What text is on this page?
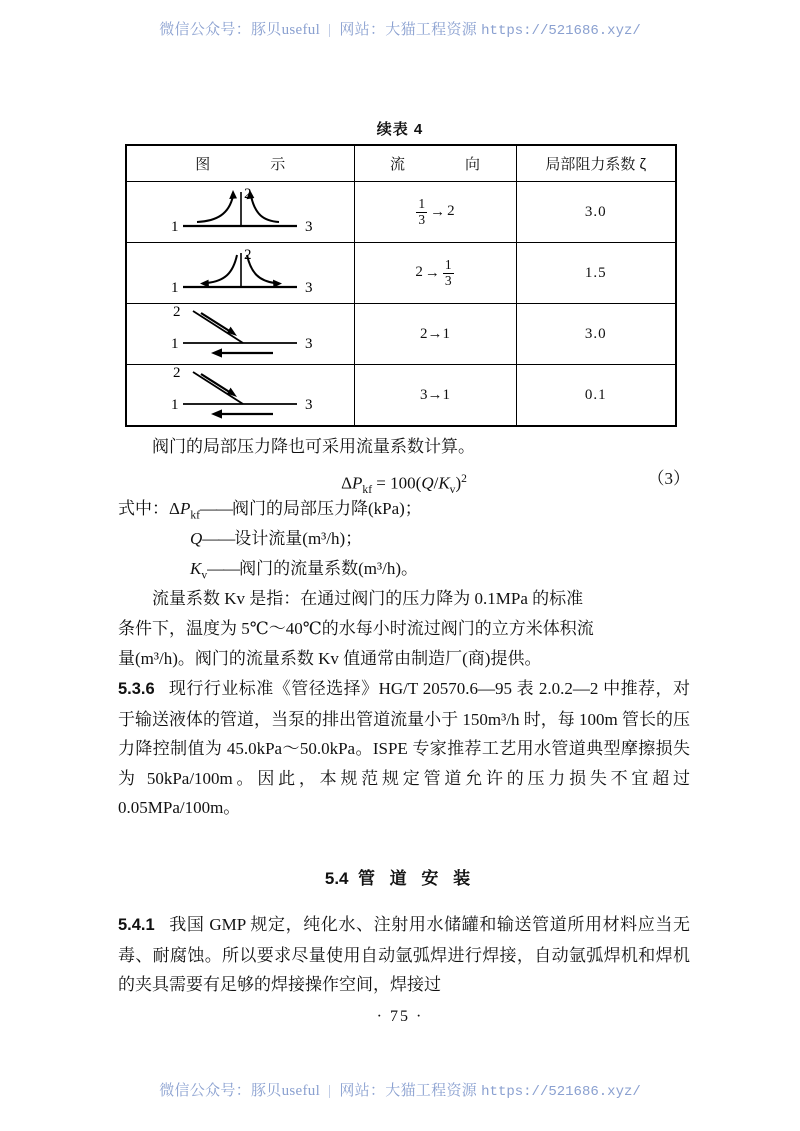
微信公众号：豚贝useful | 网站：大猫工程资源 https://521686.xyz/
续表 4
图　　示	流　　向	局部阻力系数 ζ

1
2
3	$\frac{1}{3} \to 2$	3.0

1
2
3	$2 \to \frac{1}{3}$	1.5

2
1 3	2→1	3.0

2
1 3	3→1	0.1
阀门的局部压力降也可采用流量系数计算。
$\Delta P_{kf} = 100(Q/K_v)^2$	（3）
式中：$\Delta P_{kf}——$阀门的局部压力降(kPa)；
Q——设计流量(m³/h)；
$K_v——$阀门的流量系数(m³/h)。
流量系数 Kv 是指：在通过阀门的压力降为 0.1MPa 的标准
条件下，温度为 5℃～40℃的水每小时流过阀门的立方米体积流
量(m³/h)。阀门的流量系数 Kv 值通常由制造厂(商)提供。
5.3.6 现行行业标准《管径选择》HG/T 20570.6—95 表 2.0.2—2 中推荐，对于输送液体的管道，当泵的排出管道流量小于 150m³/h 时，每 100m 管长的压力降控制值为 45.0kPa～50.0kPa。ISPE 专家推荐工艺用水管道典型摩擦损失为 50kPa/100m。因此，本规范规定管道允许的压力损失不宜超过 0.05MPa/100m。
5.4 管 道 安 装
5.4.1 我国 GMP 规定，纯化水、注射用水储罐和输送管道所用材料应当无毒、耐腐蚀。所以要求尽量使用自动氩弧焊进行焊接，自动氩弧焊机和焊机的夹具需要有足够的焊接操作空间，焊接过
· 75 ·
微信公众号：豚贝useful | 网站：大猫工程资源 https://521686.xyz/
